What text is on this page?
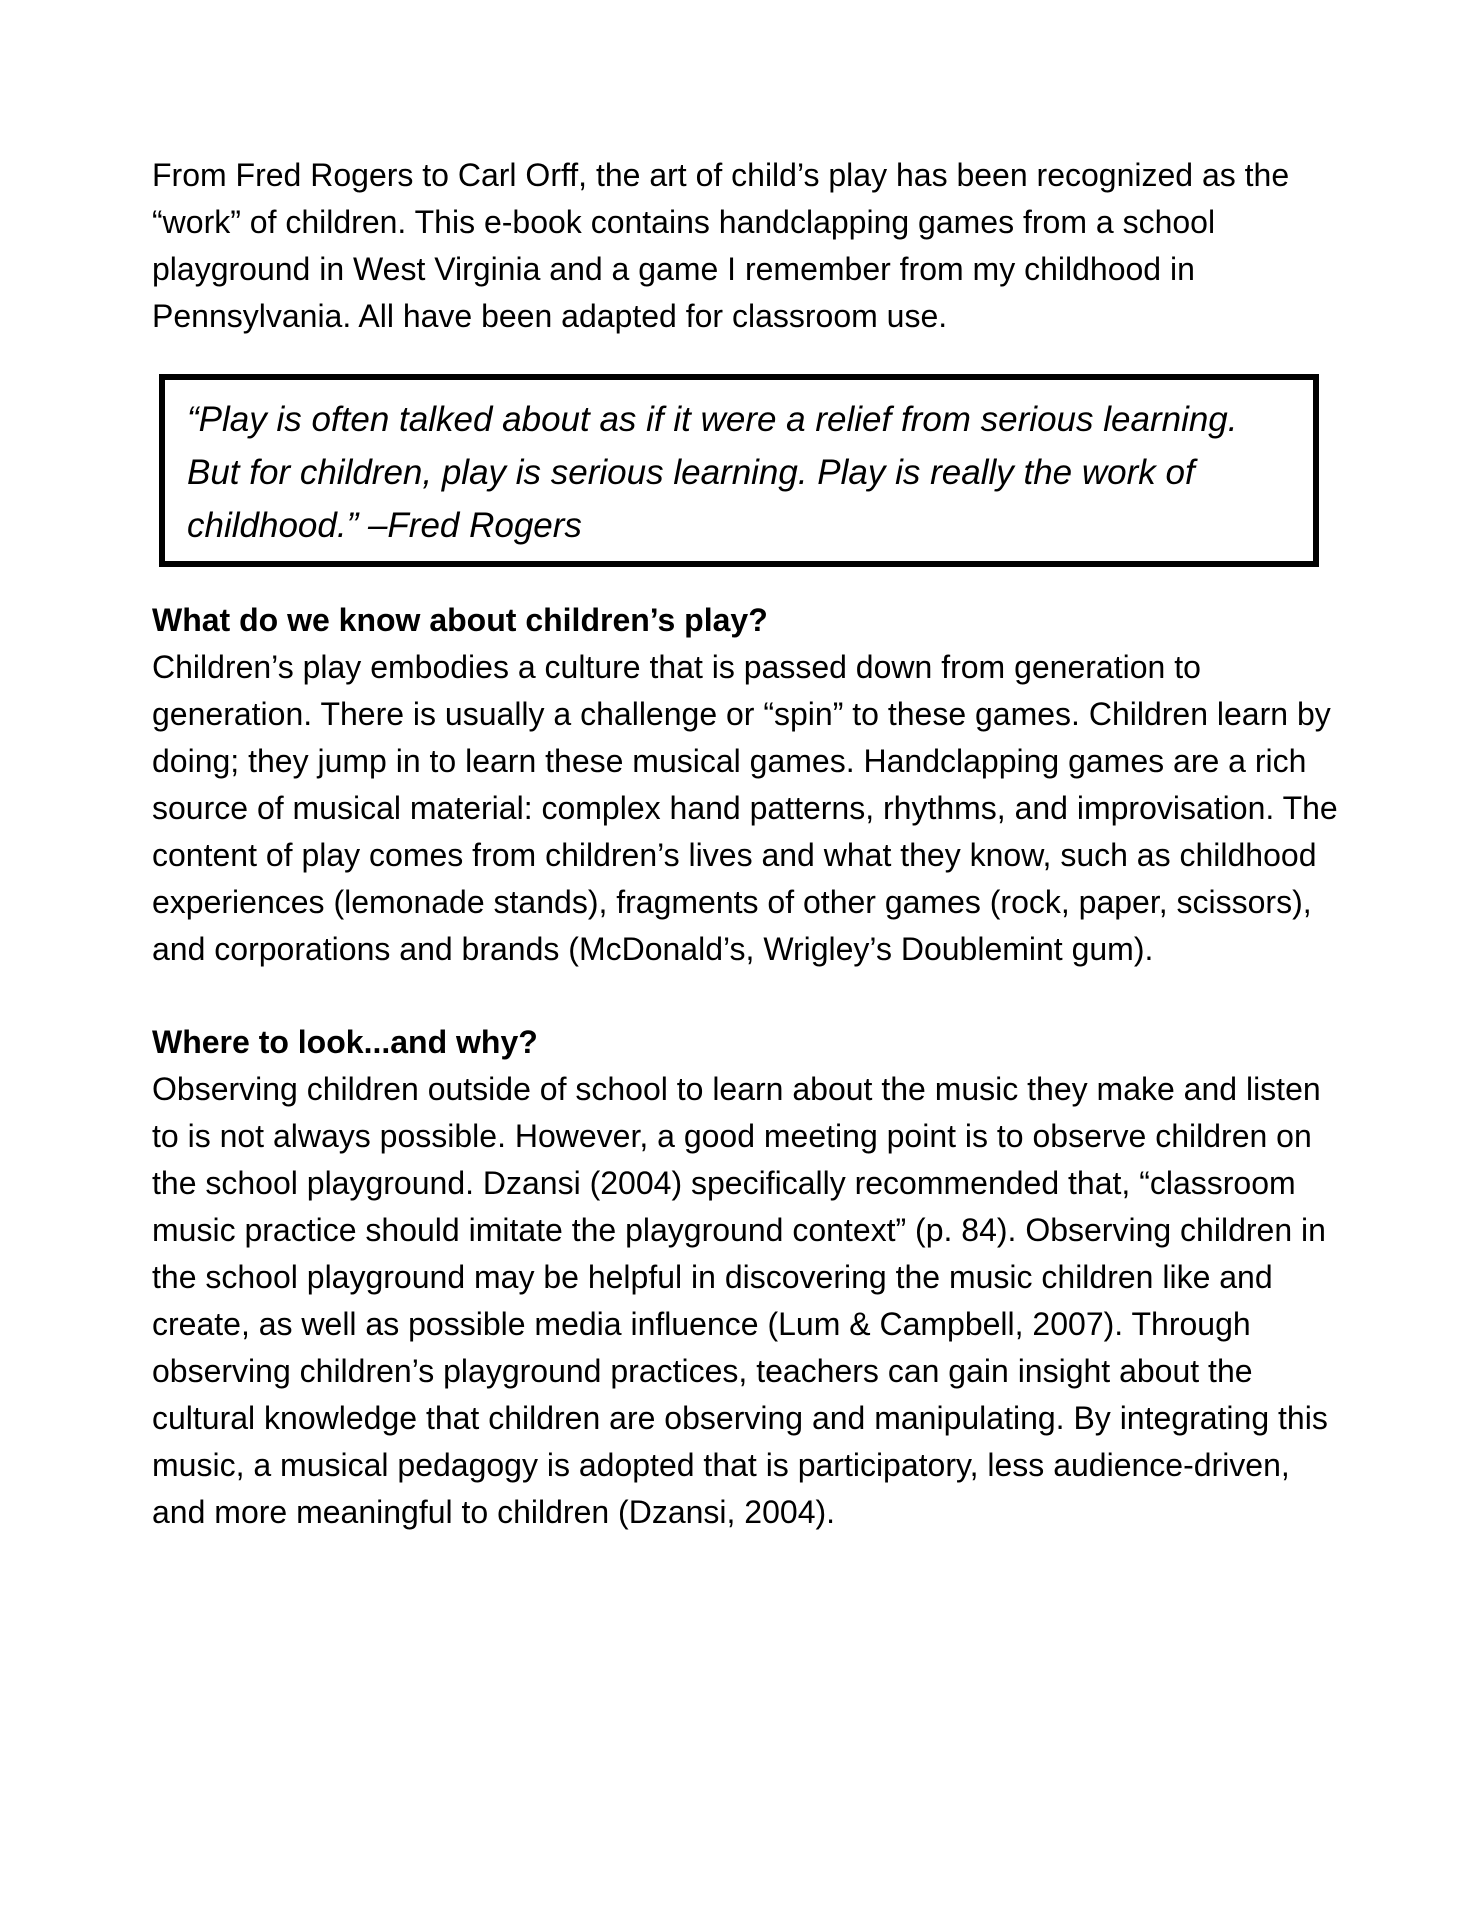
From Fred Rogers to Carl Orff, the art of child’s play has been recognized as the “work” of children. This e-book contains handclapping games from a school playground in West Virginia and a game I remember from my childhood in Pennsylvania. All have been adapted for classroom use.

“Play is often talked about as if it were a relief from serious learning. But for children, play is serious learning. Play is really the work of childhood.” –Fred Rogers

What do we know about children’s play?

Children’s play embodies a culture that is passed down from generation to generation. There is usually a challenge or “spin” to these games. Children learn by doing; they jump in to learn these musical games. Handclapping games are a rich source of musical material: complex hand patterns, rhythms, and improvisation. The content of play comes from children’s lives and what they know, such as childhood experiences (lemonade stands), fragments of other games (rock, paper, scissors), and corporations and brands (McDonald’s, Wrigley’s Doublemint gum).

Where to look...and why?

Observing children outside of school to learn about the music they make and listen to is not always possible. However, a good meeting point is to observe children on the school playground. Dzansi (2004) specifically recommended that, “classroom music practice should imitate the playground context” (p. 84). Observing children in the school playground may be helpful in discovering the music children like and create, as well as possible media influence (Lum & Campbell, 2007). Through observing children’s playground practices, teachers can gain insight about the cultural knowledge that children are observing and manipulating. By integrating this music, a musical pedagogy is adopted that is participatory, less audience-driven, and more meaningful to children (Dzansi, 2004).
